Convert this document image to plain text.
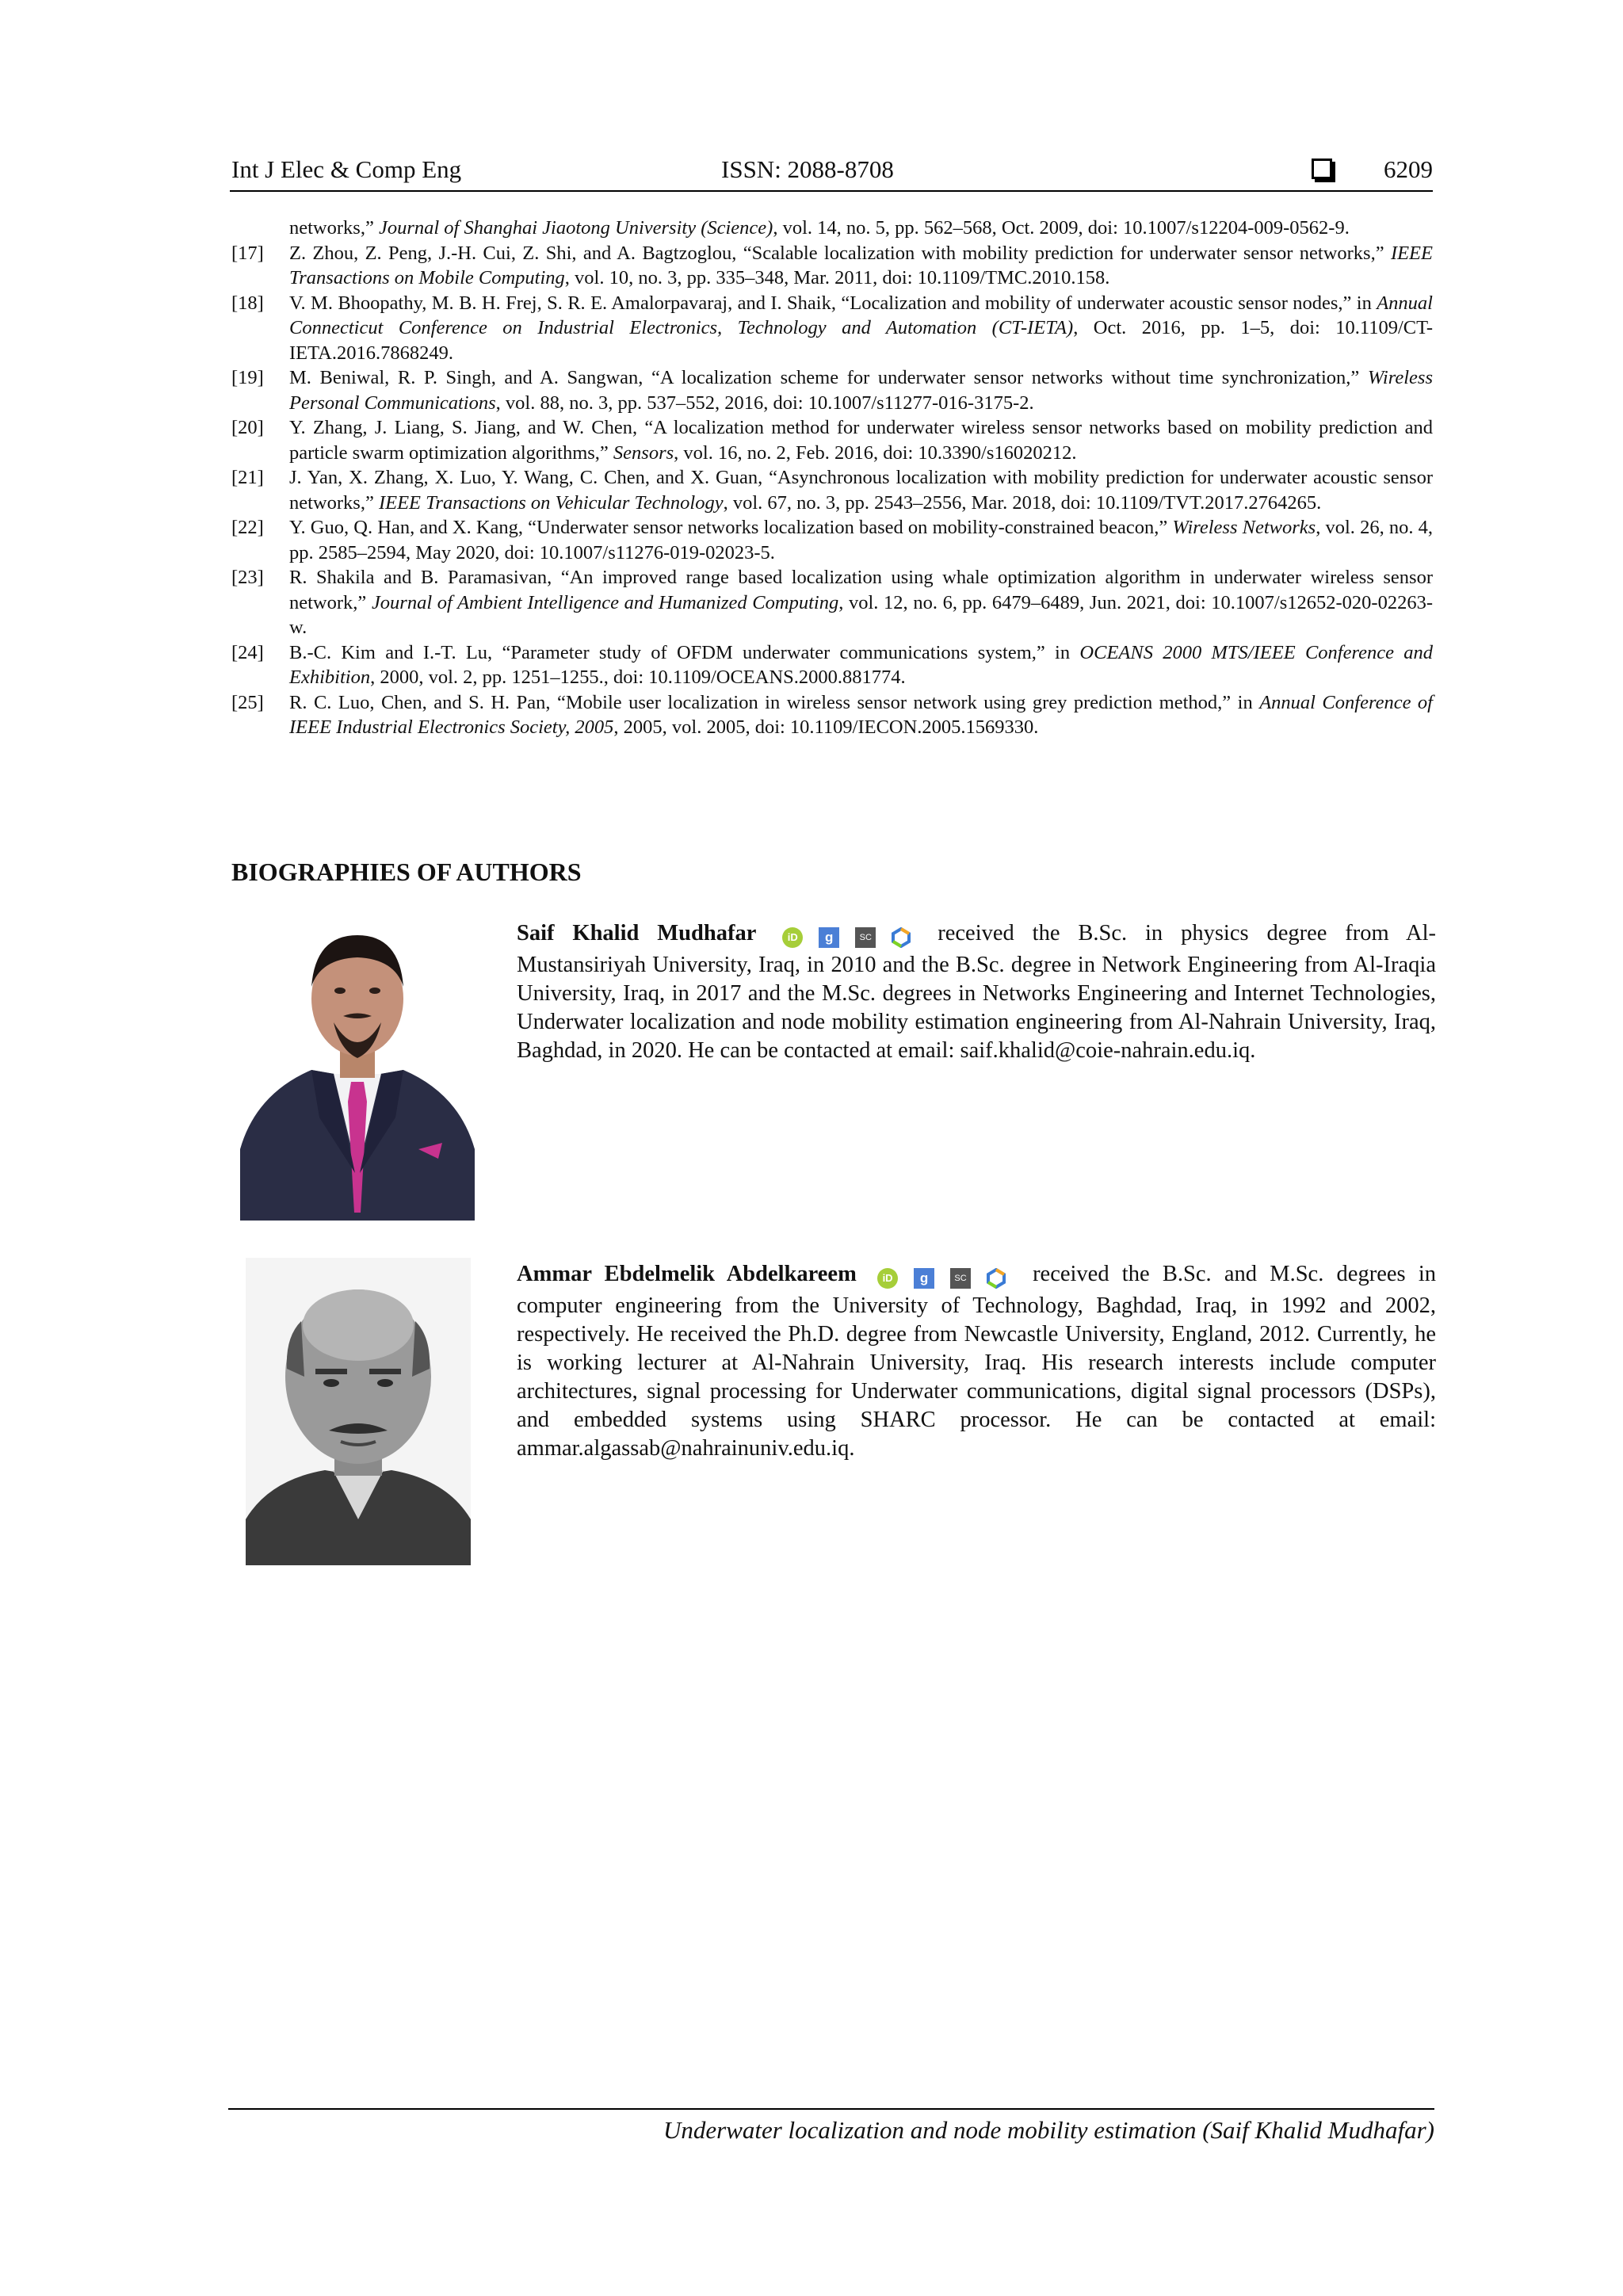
Int J Elec & Comp Eng	ISSN: 2088-8708	6209

networks,” Journal of Shanghai Jiaotong University (Science), vol. 14, no. 5, pp. 562–568, Oct. 2009, doi: 10.1007/s12204-009-0562-9.

[17] Z. Zhou, Z. Peng, J.-H. Cui, Z. Shi, and A. Bagtzoglou, “Scalable localization with mobility prediction for underwater sensor networks,” IEEE Transactions on Mobile Computing, vol. 10, no. 3, pp. 335–348, Mar. 2011, doi: 10.1109/TMC.2010.158.

[18] V. M. Bhoopathy, M. B. H. Frej, S. R. E. Amalorpavaraj, and I. Shaik, “Localization and mobility of underwater acoustic sensor nodes,” in Annual Connecticut Conference on Industrial Electronics, Technology and Automation (CT-IETA), Oct. 2016, pp. 1–5, doi: 10.1109/CT-IETA.2016.7868249.

[19] M. Beniwal, R. P. Singh, and A. Sangwan, “A localization scheme for underwater sensor networks without time synchronization,” Wireless Personal Communications, vol. 88, no. 3, pp. 537–552, 2016, doi: 10.1007/s11277-016-3175-2.

[20] Y. Zhang, J. Liang, S. Jiang, and W. Chen, “A localization method for underwater wireless sensor networks based on mobility prediction and particle swarm optimization algorithms,” Sensors, vol. 16, no. 2, Feb. 2016, doi: 10.3390/s16020212.

[21] J. Yan, X. Zhang, X. Luo, Y. Wang, C. Chen, and X. Guan, “Asynchronous localization with mobility prediction for underwater acoustic sensor networks,” IEEE Transactions on Vehicular Technology, vol. 67, no. 3, pp. 2543–2556, Mar. 2018, doi: 10.1109/TVT.2017.2764265.

[22] Y. Guo, Q. Han, and X. Kang, “Underwater sensor networks localization based on mobility-constrained beacon,” Wireless Networks, vol. 26, no. 4, pp. 2585–2594, May 2020, doi: 10.1007/s11276-019-02023-5.

[23] R. Shakila and B. Paramasivan, “An improved range based localization using whale optimization algorithm in underwater wireless sensor network,” Journal of Ambient Intelligence and Humanized Computing, vol. 12, no. 6, pp. 6479–6489, Jun. 2021, doi: 10.1007/s12652-020-02263-w.

[24] B.-C. Kim and I.-T. Lu, “Parameter study of OFDM underwater communications system,” in OCEANS 2000 MTS/IEEE Conference and Exhibition, 2000, vol. 2, pp. 1251–1255., doi: 10.1109/OCEANS.2000.881774.

[25] R. C. Luo, Chen, and S. H. Pan, “Mobile user localization in wireless sensor network using grey prediction method,” in Annual Conference of IEEE Industrial Electronics Society, 2005, 2005, vol. 2005, doi: 10.1109/IECON.2005.1569330.

BIOGRAPHIES OF AUTHORS
Saif Khalid Mudhafar	iD g	SC	received the B.Sc. in physics degree from Al-Mustansiriyah University, Iraq, in 2010 and the B.Sc. degree in Network Engineering from Al-Iraqia University, Iraq, in 2017 and the M.Sc. degrees in Networks Engineering and Internet Technologies, Underwater localization and node mobility estimation engineering from Al-Nahrain University, Iraq, Baghdad, in 2020. He can be contacted at email: saif.khalid@coie-nahrain.edu.iq.
Ammar Ebdelmelik Abdelkareem	iD g	SC	received the B.Sc. and M.Sc. degrees in computer engineering from the University of Technology, Baghdad, Iraq, in 1992 and 2002, respectively. He received the Ph.D. degree from Newcastle University, England, 2012. Currently, he is working lecturer at Al-Nahrain University, Iraq. His research interests include computer architectures, signal processing for Underwater communications, digital signal processors (DSPs), and embedded systems using SHARC processor. He can be contacted at email: ammar.algassab@nahrainuniv.edu.iq.
Underwater localization and node mobility estimation (Saif Khalid Mudhafar)
